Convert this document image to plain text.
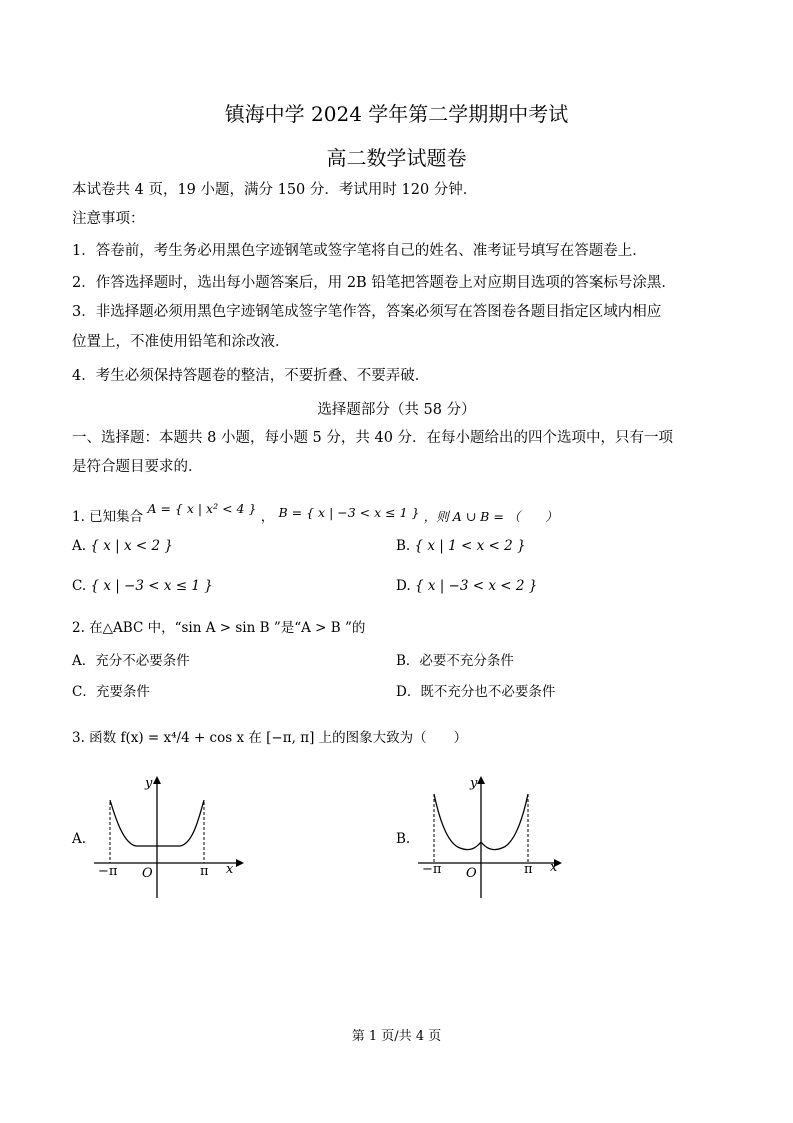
镇海中学 2024 学年第二学期期中考试
高二数学试题卷
本试卷共 4 页，19 小题，满分 150 分．考试用时 120 分钟．
注意事项：
1．答卷前，考生务必用黑色字迹钢笔或签字笔将自己的姓名、准考证号填写在答题卷上．
2．作答选择题时，选出每小题答案后，用 2B 铅笔把答题卷上对应期目选项的答案标号涂黑．
3．非选择题必须用黑色字迹钢笔成签字笔作答，答案必须写在答图卷各题目指定区域内相应
位置上，不准使用铅笔和涂改液．
4．考生必须保持答题卷的整洁，不要折叠、不要弄破．
选择题部分（共 58 分）
一、选择题：本题共 8 小题，每小题 5 分，共 40 分．在每小题给出的四个选项中，只有一项
是符合题目要求的．
1. 已知集合 A = { x | x² < 4 } ， B = { x | −3 < x ≤ 1 } ，则 A ∪ B = （　　）
A. { x | x < 2 }	B. { x | 1 < x < 2 }
C. { x | −3 < x ≤ 1 }	D. { x | −3 < x < 2 }
2. 在△ABC 中，“sin A > sin B ”是“A > B ”的
A．充分不必要条件	B．必要不充分条件
C．充要条件	D．既不充分也不必要条件
3. 函数 f(x) = x⁴/4 + cos x 在 [−π, π] 上的图象大致为（　　）
A.
y
x
O
−π	π
B.
y
x
O
−π	π
第 1 页/共 4 页
